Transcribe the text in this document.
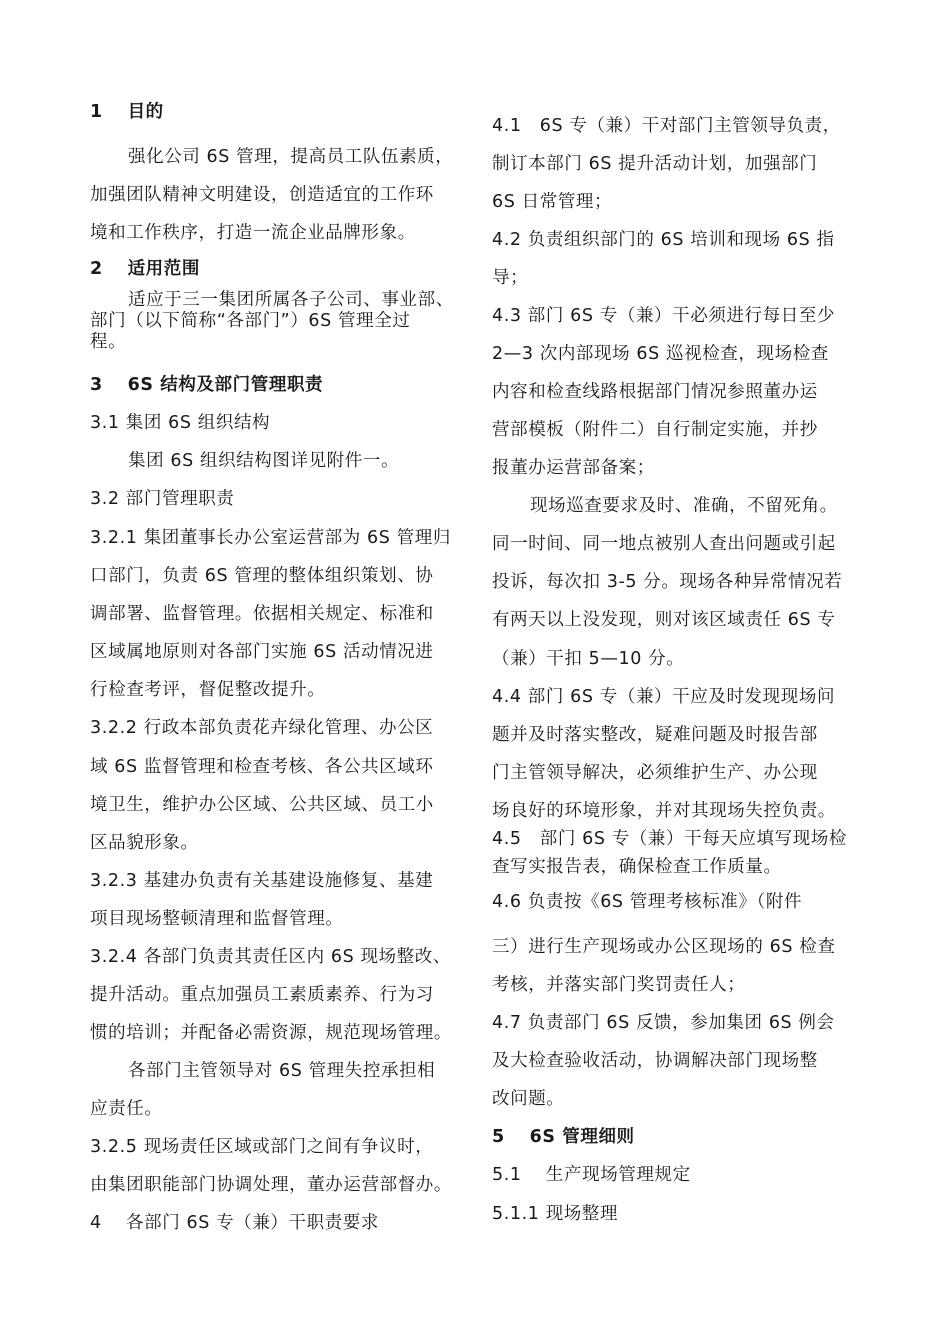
1　 目的
强化公司 6S 管理，提高员工队伍素质，
加强团队精神文明建设，创造适宜的工作环
境和工作秩序，打造一流企业品牌形象。
2　 适用范围
适应于三一集团所属各子公司、事业部、
部门（以下简称“各部门”）6S 管理全过
程。
3　 6S 结构及部门管理职责
3.1 集团 6S 组织结构
集团 6S 组织结构图详见附件一。
3.2 部门管理职责
3.2.1 集团董事长办公室运营部为 6S 管理归
口部门，负责 6S 管理的整体组织策划、协
调部署、监督管理。依据相关规定、标准和
区域属地原则对各部门实施 6S 活动情况进
行检查考评，督促整改提升。
3.2.2 行政本部负责花卉绿化管理、办公区
域 6S 监督管理和检查考核、各公共区域环
境卫生，维护办公区域、公共区域、员工小
区品貌形象。
3.2.3 基建办负责有关基建设施修复、基建
项目现场整顿清理和监督管理。
3.2.4 各部门负责其责任区内 6S 现场整改、
提升活动。重点加强员工素质素养、行为习
惯的培训；并配备必需资源，规范现场管理。
各部门主管领导对 6S 管理失控承担相
应责任。
3.2.5 现场责任区域或部门之间有争议时，
由集团职能部门协调处理，董办运营部督办。
4　 各部门 6S 专（兼）干职责要求
4.1　6S 专（兼）干对部门主管领导负责，
制订本部门 6S 提升活动计划，加强部门
6S 日常管理；
4.2 负责组织部门的 6S 培训和现场 6S 指
导；
4.3 部门 6S 专（兼）干必须进行每日至少
2—3 次内部现场 6S 巡视检查，现场检查
内容和检查线路根据部门情况参照董办运
营部模板（附件二）自行制定实施，并抄
报董办运营部备案；
现场巡查要求及时、准确，不留死角。
同一时间、同一地点被别人查出问题或引起
投诉，每次扣 3-5 分。现场各种异常情况若
有两天以上没发现，则对该区域责任 6S 专
（兼）干扣 5—10 分。
4.4 部门 6S 专（兼）干应及时发现现场问
题并及时落实整改，疑难问题及时报告部
门主管领导解决，必须维护生产、办公现
场良好的环境形象，并对其现场失控负责。
4.5　部门 6S 专（兼）干每天应填写现场检
查写实报告表，确保检查工作质量。
4.6 负责按《6S 管理考核标准》（附件
三）进行生产现场或办公区现场的 6S 检查
考核，并落实部门奖罚责任人；
4.7 负责部门 6S 反馈，参加集团 6S 例会
及大检查验收活动，协调解决部门现场整
改问题。
5　 6S 管理细则
5.1　 生产现场管理规定
5.1.1 现场整理
